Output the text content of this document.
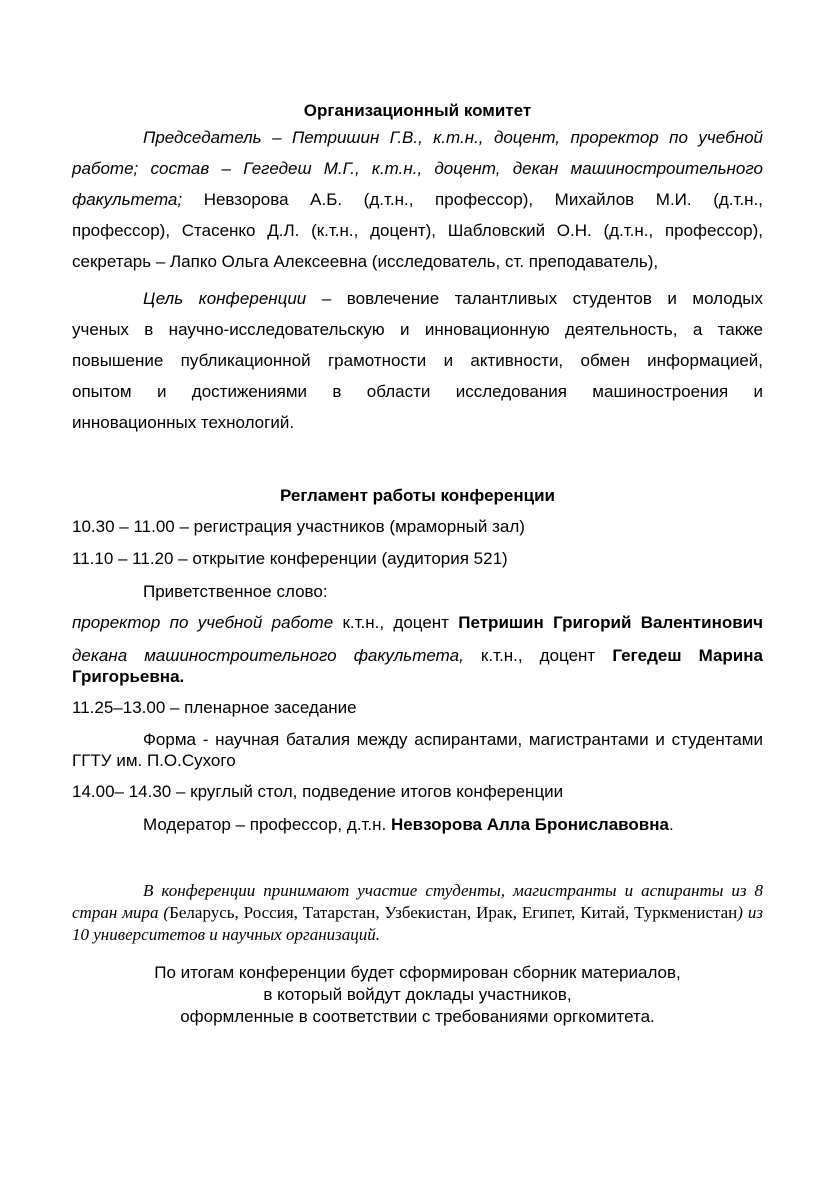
Организационный комитет
Председатель – Петришин Г.В., к.т.н., доцент, проректор по учебной
работе; состав – Гегедеш М.Г., к.т.н., доцент, декан машиностроительного
факультета; Невзорова А.Б. (д.т.н., профессор), Михайлов М.И. (д.т.н.,
профессор), Стасенко Д.Л. (к.т.н., доцент), Шабловский О.Н. (д.т.н., профессор),
секретарь – Лапко Ольга Алексеевна (исследователь, ст. преподаватель),
Цель конференции – вовлечение талантливых студентов и молодых
ученых в научно-исследовательскую и инновационную деятельность, а также
повышение публикационной грамотности и активности, обмен информацией,
опытом и достижениями в области исследования машиностроения и
инновационных технологий.
Регламент работы конференции
10.30 – 11.00 – регистрация участников (мраморный зал)
11.10 – 11.20 – открытие конференции (аудитория 521)
Приветственное слово:
проректор по учебной работе к.т.н., доцент Петришин Григорий Валентинович
декана машиностроительного факультета, к.т.н., доцент Гегедеш Марина Григорьевна.
11.25–13.00 – пленарное заседание
Форма - научная баталия между аспирантами, магистрантами и студентами ГГТУ им. П.О.Сухого
14.00– 14.30 – круглый стол, подведение итогов конференции
Модератор – профессор, д.т.н. Невзорова Алла Брониславовна.
В конференции принимают участие студенты, магистранты и аспиранты из 8 стран мира (Беларусь, Россия, Татарстан, Узбекистан, Ирак, Египет, Китай, Туркменистан) из 10 университетов и научных организаций.
По итогам конференции будет сформирован сборник материалов,
в который войдут доклады участников,
оформленные в соответствии с требованиями оргкомитета.
